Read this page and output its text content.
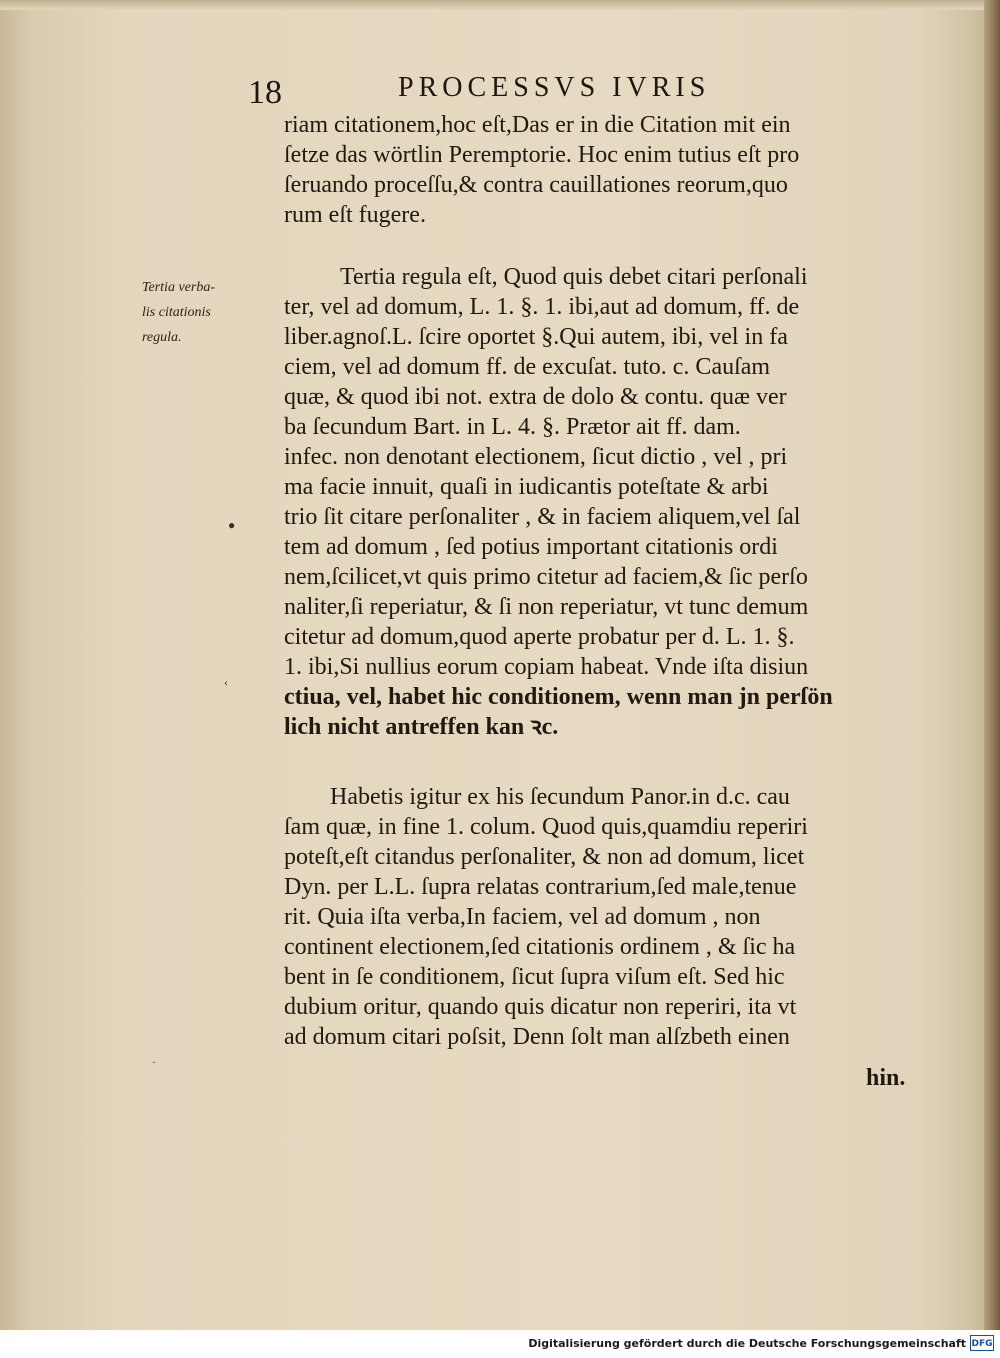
18	PROCESSVS IVRIS
Tertia verba-
lis citationis
regula.
riam citationem,hoc eſt,Das er in die Citation mit ein
ſetze das wörtlin Peremptorie. Hoc enim tutius eſt pro
ſeruando proceſſu,& contra cauillationes reorum,quo
rum eſt fugere.
Tertia regula eſt, Quod quis debet citari perſonali
ter, vel ad domum, L. 1. §. 1. ibi,aut ad domum, ff. de
liber.agnoſ.L. ſcire oportet §.Qui autem, ibi, vel in fa
ciem, vel ad domum ff. de excuſat. tuto. c. Cauſam
quæ, & quod ibi not. extra de dolo & contu. quæ ver
ba ſecundum Bart. in L. 4. §. Prætor ait ff. dam.
infec. non denotant electionem, ſicut dictio , vel , pri
ma facie innuit, quaſi in iudicantis poteſtate & arbi
trio ſit citare perſonaliter , & in faciem aliquem,vel ſal
tem ad domum , ſed potius important citationis ordi
nem,ſcilicet,vt quis primo citetur ad faciem,& ſic perſo
naliter,ſi reperiatur, & ſi non reperiatur, vt tunc demum
citetur ad domum,quod aperte probatur per d. L. 1. §.
1. ibi,Si nullius eorum copiam habeat. Vnde iſta disiun
ctiua, vel, habet hic conditionem, wenn man jn perſön
lich nicht antreffen kan ꝛc.
Habetis igitur ex his ſecundum Panor.in d.c. cau
ſam quæ, in fine 1. colum. Quod quis,quamdiu reperiri
poteſt,eſt citandus perſonaliter, & non ad domum, licet
Dyn. per L.L. ſupra relatas contrarium,ſed male,tenue
rit. Quia iſta verba,In faciem, vel ad domum , non
continent electionem,ſed citationis ordinem , & ſic ha
bent in ſe conditionem, ſicut ſupra viſum eſt. Sed hic
dubium oritur, quando quis dicatur non reperiri, ita vt
ad domum citari poſsit, Denn ſolt man alſzbeth einen
hin.
●
‹
·
Digitalisierung gefördert durch die Deutsche Forschungsgemeinschaft DFG
